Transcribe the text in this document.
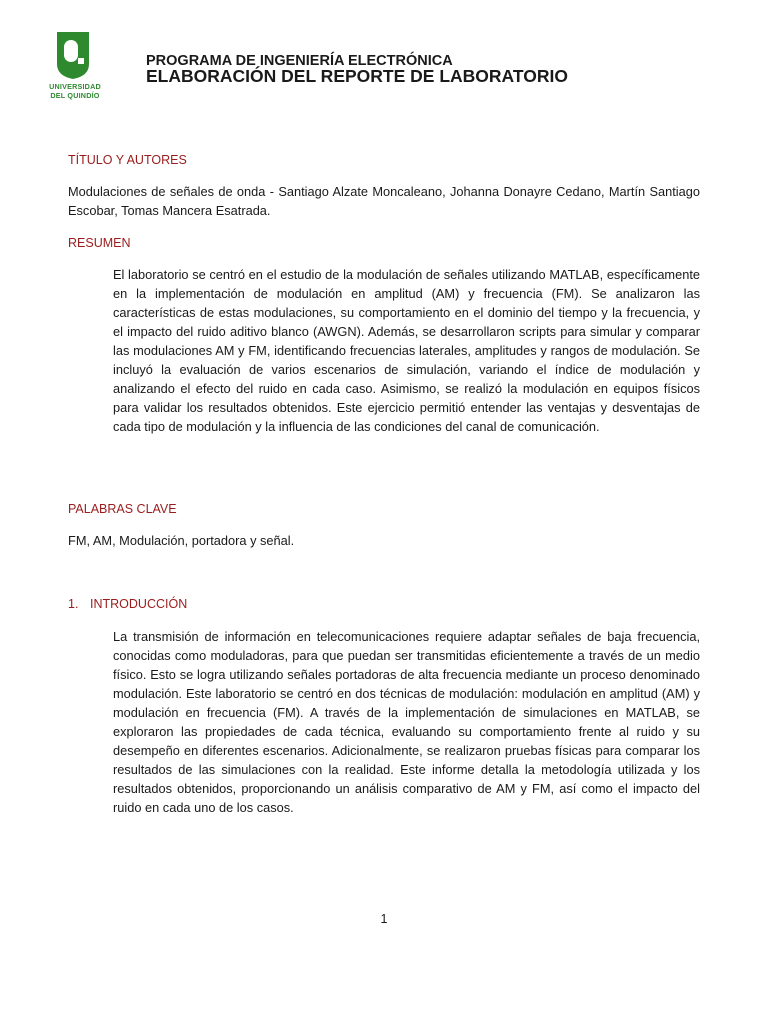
UNIVERSIDAD
DEL QUINDÍO
PROGRAMA DE INGENIERÍA ELECTRÓNICA
ELABORACIÓN DEL REPORTE DE LABORATORIO
TÍTULO Y AUTORES

Modulaciones de señales de onda - Santiago Alzate Moncaleano, Johanna Donayre Cedano, Martín Santiago Escobar, Tomas Mancera Esatrada.

RESUMEN

El laboratorio se centró en el estudio de la modulación de señales utilizando MATLAB, específicamente en la implementación de modulación en amplitud (AM) y frecuencia (FM). Se analizaron las características de estas modulaciones, su comportamiento en el dominio del tiempo y la frecuencia, y el impacto del ruido aditivo blanco (AWGN). Además, se desarrollaron scripts para simular y comparar las modulaciones AM y FM, identificando frecuencias laterales, amplitudes y rangos de modulación. Se incluyó la evaluación de varios escenarios de simulación, variando el índice de modulación y analizando el efecto del ruido en cada caso. Asimismo, se realizó la modulación en equipos físicos para validar los resultados obtenidos. Este ejercicio permitió entender las ventajas y desventajas de cada tipo de modulación y la influencia de las condiciones del canal de comunicación.

PALABRAS CLAVE

FM, AM, Modulación, portadora y señal.

1. INTRODUCCIÓN

La transmisión de información en telecomunicaciones requiere adaptar señales de baja frecuencia, conocidas como moduladoras, para que puedan ser transmitidas eficientemente a través de un medio físico. Esto se logra utilizando señales portadoras de alta frecuencia mediante un proceso denominado modulación. Este laboratorio se centró en dos técnicas de modulación: modulación en amplitud (AM) y modulación en frecuencia (FM). A través de la implementación de simulaciones en MATLAB, se exploraron las propiedades de cada técnica, evaluando su comportamiento frente al ruido y su desempeño en diferentes escenarios. Adicionalmente, se realizaron pruebas físicas para comparar los resultados de las simulaciones con la realidad. Este informe detalla la metodología utilizada y los resultados obtenidos, proporcionando un análisis comparativo de AM y FM, así como el impacto del ruido en cada uno de los casos.

1
